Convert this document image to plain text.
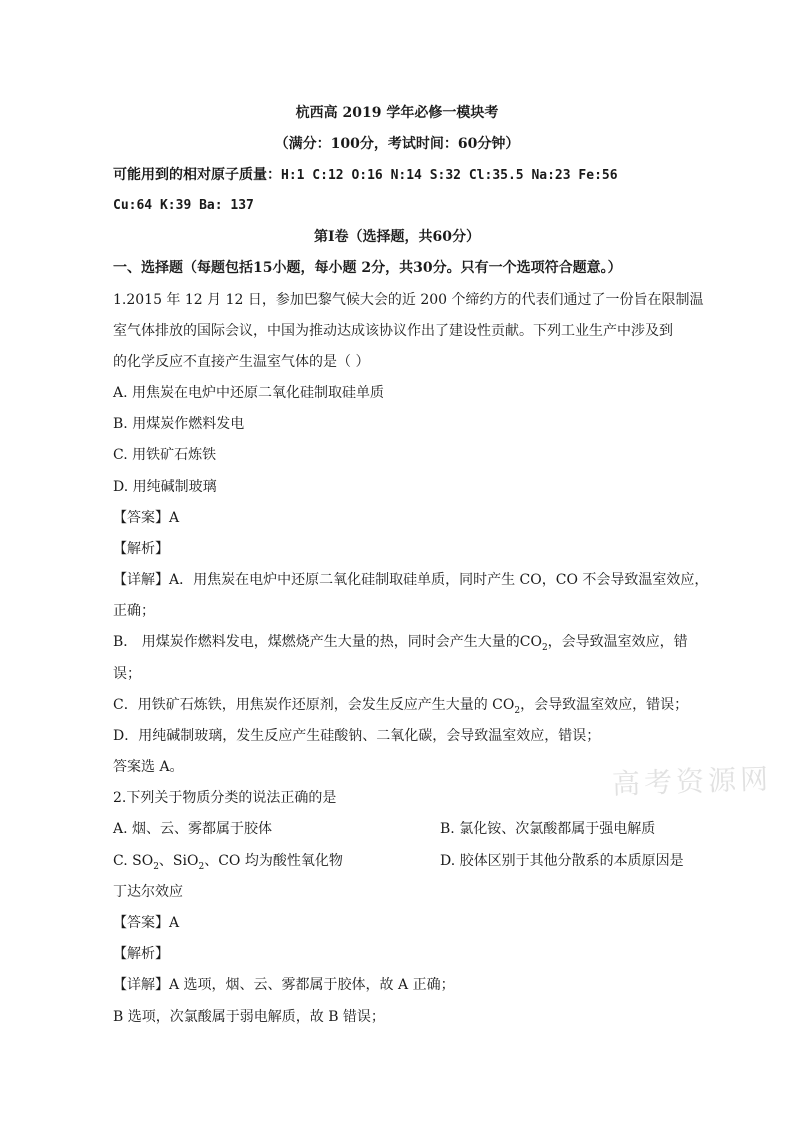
杭西高 2019 学年必修一模块考
（满分：100分，考试时间：60分钟）
可能用到的相对原子质量：H:1 C:12 O:16 N:14 S:32 Cl:35.5 Na:23 Fe:56
Cu:64 K:39 Ba: 137
第Ⅰ卷（选择题，共60分）
一、选择题（每题包括15小题，每小题 2分，共30分。只有一个选项符合题意。）
1.2015 年 12 月 12 日，参加巴黎气候大会的近 200 个缔约方的代表们通过了一份旨在限制温
室气体排放的国际会议，中国为推动达成该协议作出了建设性贡献。下列工业生产中涉及到
的化学反应不直接产生温室气体的是（ ）
A. 用焦炭在电炉中还原二氧化硅制取硅单质
B. 用煤炭作燃料发电
C. 用铁矿石炼铁
D. 用纯碱制玻璃
【答案】A
【解析】
【详解】A．用焦炭在电炉中还原二氧化硅制取硅单质，同时产生 CO，CO 不会导致温室效应，
正确；
B． 用煤炭作燃料发电，煤燃烧产生大量的热，同时会产生大量的$CO_2$，会导致温室效应，错
误；
C．用铁矿石炼铁，用焦炭作还原剂，会发生反应产生大量的 $CO_2$，会导致温室效应，错误；
D．用纯碱制玻璃，发生反应产生硅酸钠、二氧化碳，会导致温室效应，错误；
答案选 A。
2.下列关于物质分类的说法正确的是
A. 烟、云、雾都属于胶体	B. 氯化铵、次氯酸都属于强电解质
C. $SO_2$、SiO$_2$、CO 均为酸性氧化物	D. 胶体区别于其他分散系的本质原因是
丁达尔效应
【答案】A
【解析】
【详解】A 选项，烟、云、雾都属于胶体，故 A 正确；
B 选项，次氯酸属于弱电解质，故 B 错误；
高考资源网
